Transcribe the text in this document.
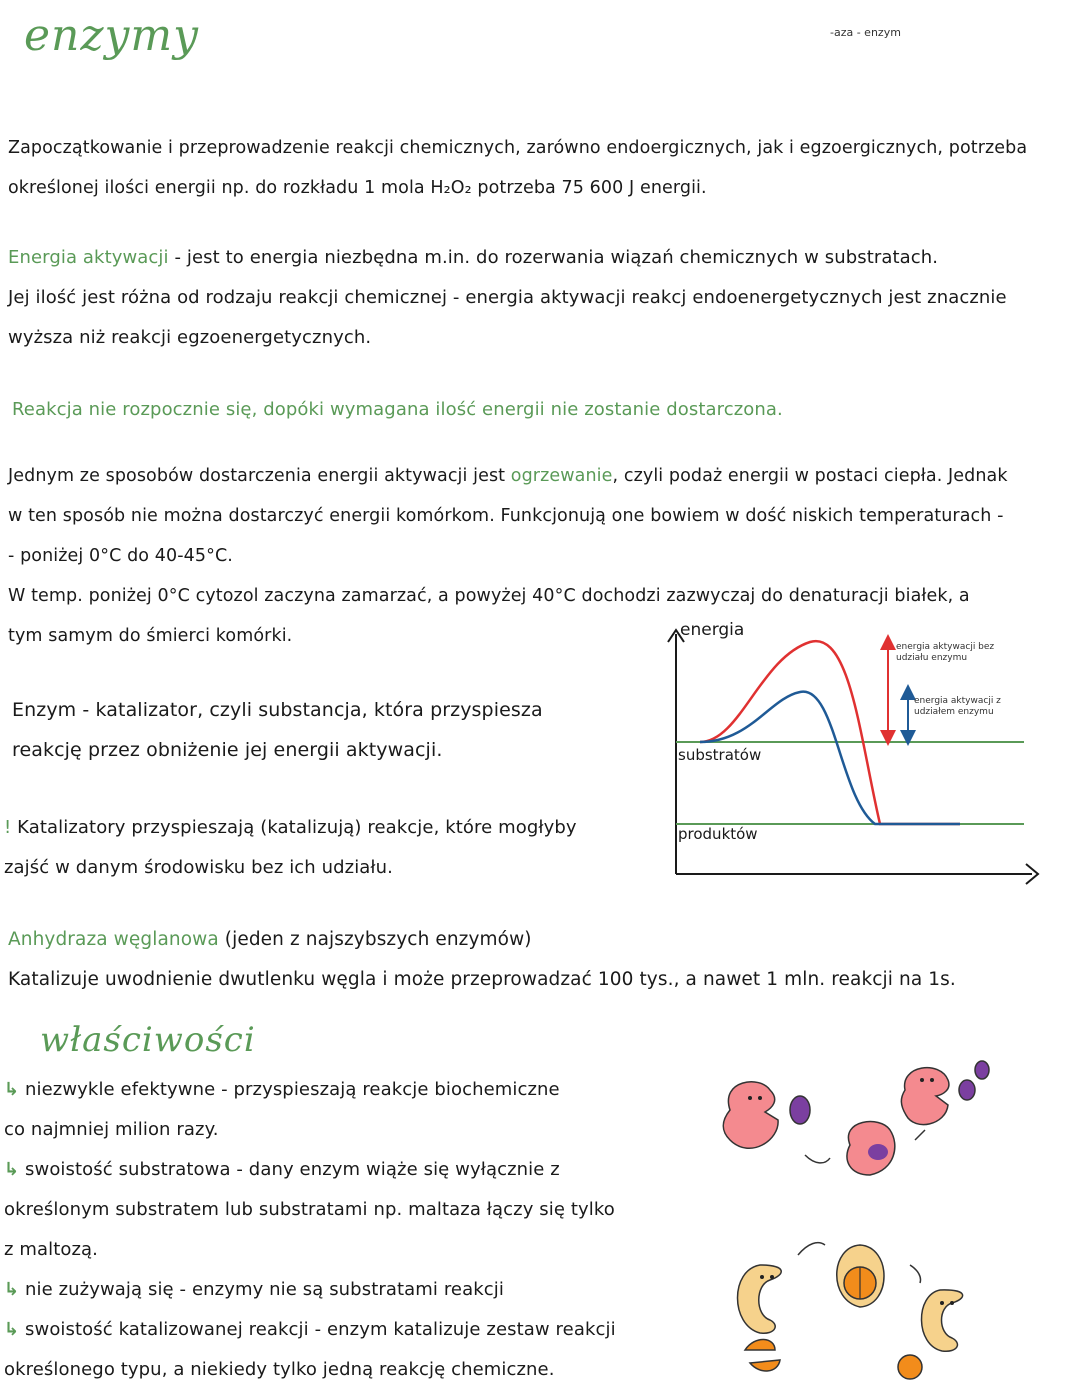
enzymy	-aza - enzym
Zapoczątkowanie i przeprowadzenie reakcji chemicznych, zarówno endoergicznych, jak i egzoergicznych, potrzeba
określonej ilości energii np. do rozkładu 1 mola H₂O₂ potrzeba 75 600 J energii.
Energia aktywacji - jest to energia niezbędna m.in. do rozerwania wiązań chemicznych w substratach.
Jej ilość jest różna od rodzaju reakcji chemicznej - energia aktywacji reakcj endoenergetycznych jest znacznie
wyższa niż reakcji egzoenergetycznych.
Reakcja nie rozpocznie się, dopóki wymagana ilość energii nie zostanie dostarczona.
Jednym ze sposobów dostarczenia energii aktywacji jest ogrzewanie, czyli podaż energii w postaci ciepła. Jednak
w ten sposób nie można dostarczyć energii komórkom. Funkcjonują one bowiem w dość niskich temperaturach -
- poniżej 0°C do 40-45°C.
W temp. poniżej 0°C cytozol zaczyna zamarzać, a powyżej 40°C dochodzi zazwyczaj do denaturacji białek, a
tym samym do śmierci komórki.
Enzym - katalizator, czyli substancja, która przyspiesza
reakcję przez obniżenie jej energii aktywacji.
! Katalizatory przyspieszają (katalizują) reakcje, które mogłyby
zajść w danym środowisku bez ich udziału.
energia
substratów
produktów
energia aktywacji bez udziału enzymu
energia aktywacji z udziałem enzymu
Anhydraza węglanowa (jeden z najszybszych enzymów)
Katalizuje uwodnienie dwutlenku węgla i może przeprowadzać 100 tys., a nawet 1 mln. reakcji na 1s.
właściwości
↳ niezwykle efektywne - przyspieszają reakcje biochemiczne
co najmniej milion razy.
↳ swoistość substratowa - dany enzym wiąże się wyłącznie z
określonym substratem lub substratami np. maltaza łączy się tylko
z maltozą.
↳ nie zużywają się - enzymy nie są substratami reakcji
↳ swoistość katalizowanej reakcji - enzym katalizuje zestaw reakcji
określonego typu, a niekiedy tylko jedną reakcję chemiczne.
